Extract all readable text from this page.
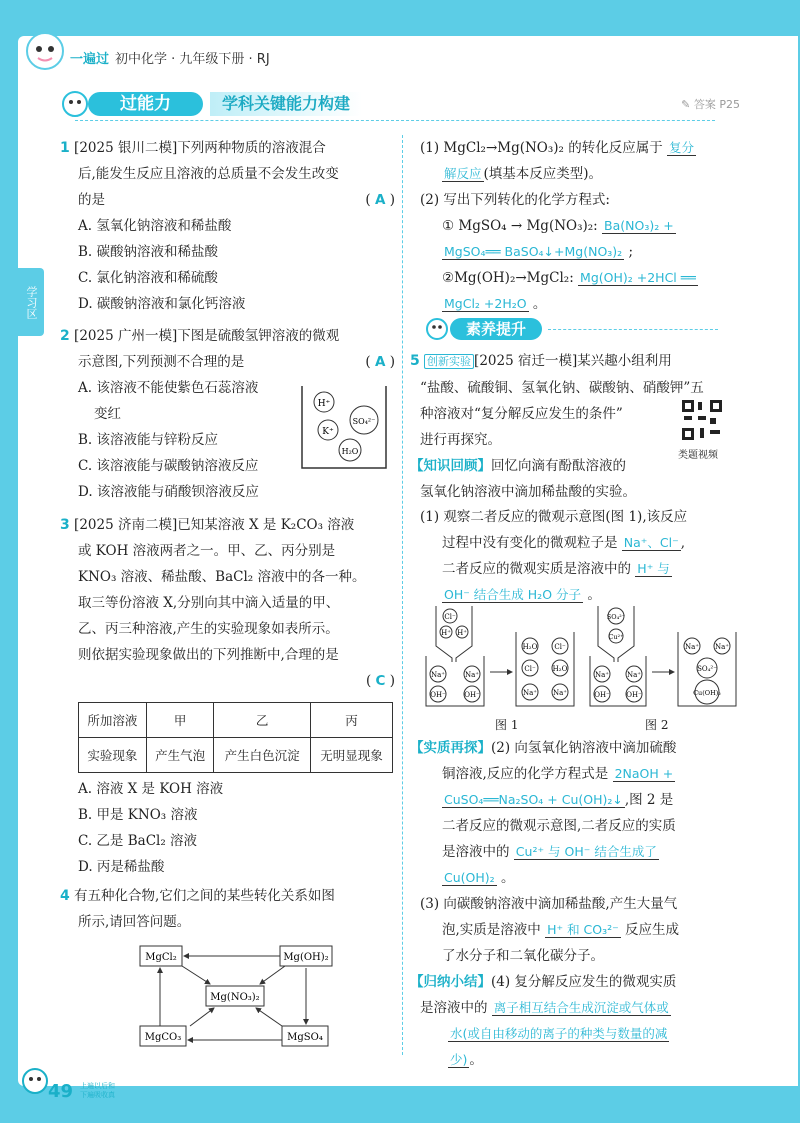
一遍过 初中化学 · 九年级下册 · RJ
过能力	学科关键能力构建	✎ 答案 P25
学习区
1 [2025 银川二模]下列两种物质的溶液混合
后,能发生反应且溶液的总质量不会发生改变
的是	( A )
A. 氢氧化钠溶液和稀盐酸
B. 碳酸钠溶液和稀盐酸
C. 氯化钠溶液和稀硫酸
D. 碳酸钠溶液和氯化钙溶液
2 [2025 广州一模]下图是硫酸氢钾溶液的微观
示意图,下列预测不合理的是	( A )
A. 该溶液不能使紫色石蕊溶液
变红
B. 该溶液能与锌粉反应
C. 该溶液能与碳酸钠溶液反应
D. 该溶液能与硝酸钡溶液反应
H⁺
K⁺
SO₄²⁻
H₂O
3 [2025 济南二模]已知某溶液 X 是 K₂CO₃ 溶液
或 KOH 溶液两者之一。甲、乙、丙分别是
KNO₃ 溶液、稀盐酸、BaCl₂ 溶液中的各一种。
取三等份溶液 X,分别向其中滴入适量的甲、
乙、丙三种溶液,产生的实验现象如表所示。
则依据实验现象做出的下列推断中,合理的是
( C )
所加溶液	甲	乙	丙
实验现象	产生气泡	产生白色沉淀	无明显现象
A. 溶液 X 是 KOH 溶液
B. 甲是 KNO₃ 溶液
C. 乙是 BaCl₂ 溶液
D. 丙是稀盐酸
4 有五种化合物,它们之间的某些转化关系如图
所示,请回答问题。
MgCl₂	Mg(OH)₂
Mg(NO₃)₂
MgCO₃	MgSO₄
(1) MgCl₂→Mg(NO₃)₂ 的转化反应属于 复分
解反应 (填基本反应类型)。
(2) 写出下列转化的化学方程式:
① MgSO₄ → Mg(NO₃)₂: Ba(NO₃)₂ +
MgSO₄══ BaSO₄↓+Mg(NO₃)₂ ;
②Mg(OH)₂→MgCl₂: Mg(OH)₂ +2HCl ══
MgCl₂ +2H₂O 。
素养提升
5 创新实验 [2025 宿迁一模]某兴趣小组利用
“盐酸、硫酸铜、氢氧化钠、碳酸钠、硝酸钾”五
种溶液对“复分解反应发生的条件”
进行再探究。
【知识回顾】回忆向滴有酚酞溶液的
氢氧化钠溶液中滴加稀盐酸的实验。
类题视频
(1) 观察二者反应的微观示意图(图 1),该反应
过程中没有变化的微观粒子是 Na⁺、Cl⁻ ,
二者反应的微观实质是溶液中的 H⁺ 与
OH⁻ 结合生成 H₂O 分子 。
Cl⁻
H⁺ H⁺
Na⁺	Na⁺
OH⁻	OH⁻
H₂O Cl⁻
Cl⁻ H₂O
Na⁺ Na⁺
SO₄²⁻
Cu²⁺
Na⁺	Na⁺
OH⁻ OH⁻
Na⁺ Na⁺
SO₄²⁻
Cu(OH)₂
图 1	图 2
【实质再探】(2) 向氢氧化钠溶液中滴加硫酸
铜溶液,反应的化学方程式是 2NaOH +
CuSO₄══Na₂SO₄ + Cu(OH)₂↓ ,图 2 是
二者反应的微观示意图,二者反应的实质
是溶液中的 Cu²⁺ 与 OH⁻ 结合生成了
Cu(OH)₂ 。
(3) 向碳酸钠溶液中滴加稀盐酸,产生大量气
泡,实质是溶液中 H⁺ 和 CO₃²⁻ 反应生成
了水分子和二氧化碳分子。
【归纳小结】(4) 复分解反应发生的微观实质
是溶液中的 离子相互结合生成沉淀或气体或
水(或自由移动的离子的种类与数量的减
少) 。
49 上遍以后和
下遍吸收真
